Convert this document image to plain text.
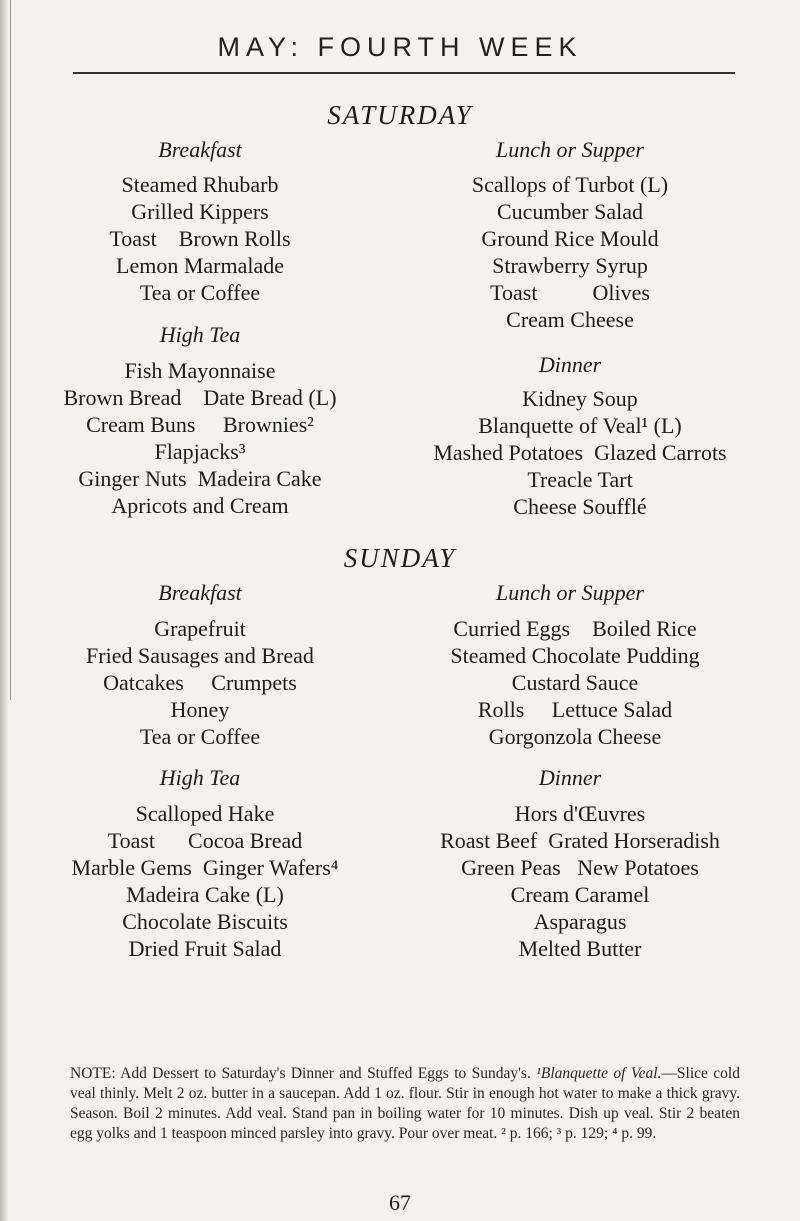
MAY: FOURTH WEEK
SATURDAY
Breakfast
Steamed Rhubarb
Grilled Kippers
Toast    Brown Rolls
Lemon Marmalade
Tea or Coffee
Lunch or Supper
Scallops of Turbot (L)
Cucumber Salad
Ground Rice Mould
Strawberry Syrup
Toast          Olives
Cream Cheese
High Tea
Fish Mayonnaise
Brown Bread    Date Bread (L)
Cream Buns     Brownies²
Flapjacks³
Ginger Nuts  Madeira Cake
Apricots and Cream
Dinner
Kidney Soup
Blanquette of Veal¹ (L)
Mashed Potatoes  Glazed Carrots
Treacle Tart
Cheese Soufflé
SUNDAY
Breakfast
Grapefruit
Fried Sausages and Bread
Oatcakes     Crumpets
Honey
Tea or Coffee
Lunch or Supper
Curried Eggs    Boiled Rice
Steamed Chocolate Pudding
Custard Sauce
Rolls     Lettuce Salad
Gorgonzola Cheese
High Tea
Scalloped Hake
Toast      Cocoa Bread
Marble Gems  Ginger Wafers⁴
Madeira Cake (L)
Chocolate Biscuits
Dried Fruit Salad
Dinner
Hors d'Œuvres
Roast Beef  Grated Horseradish
Green Peas   New Potatoes
Cream Caramel
Asparagus
Melted Butter
NOTE: Add Dessert to Saturday's Dinner and Stuffed Eggs to Sunday's. ¹Blanquette of Veal.—Slice cold veal thinly. Melt 2 oz. butter in a saucepan. Add 1 oz. flour. Stir in enough hot water to make a thick gravy. Season. Boil 2 minutes. Add veal. Stand pan in boiling water for 10 minutes. Dish up veal. Stir 2 beaten egg yolks and 1 teaspoon minced parsley into gravy. Pour over meat. ² p. 166; ³ p. 129; ⁴ p. 99.
67
